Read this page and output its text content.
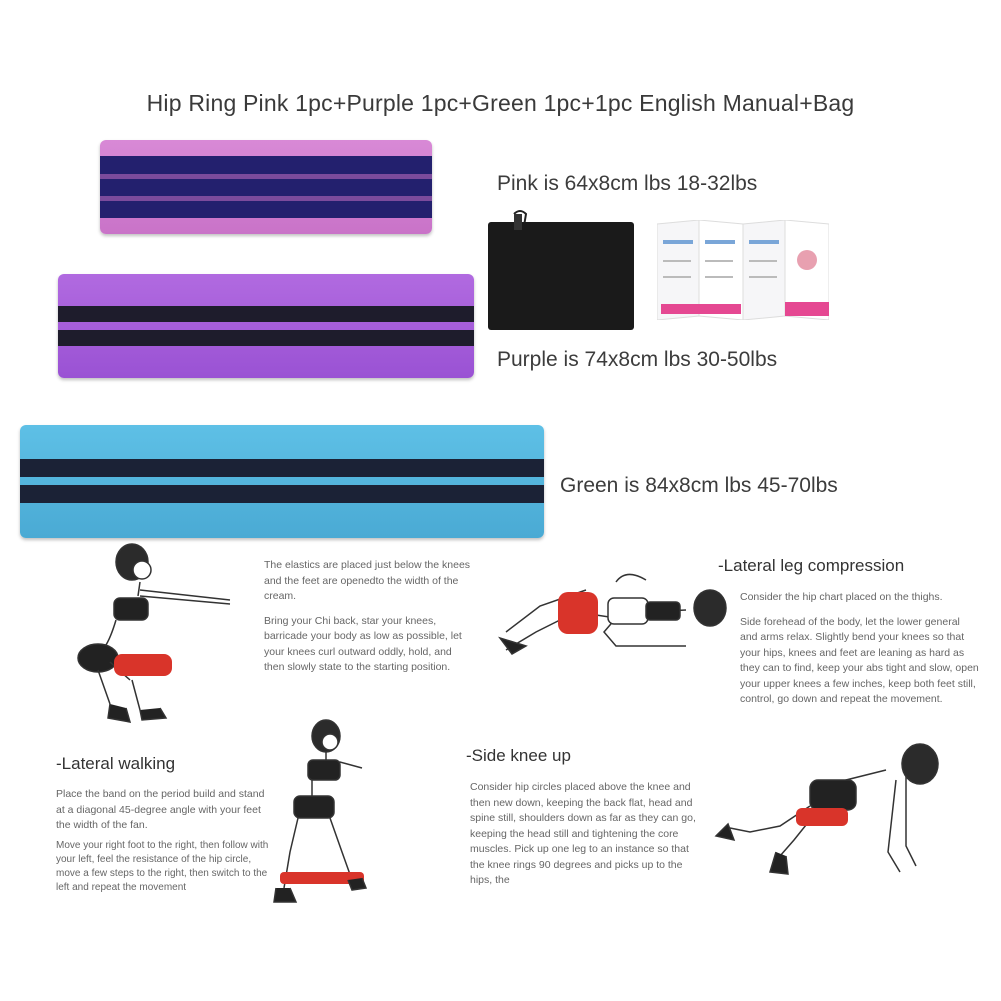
Hip Ring Pink 1pc+Purple 1pc+Green 1pc+1pc English Manual+Bag
Pink is 64x8cm lbs 18-32lbs
Purple is 74x8cm lbs 30-50lbs
Green is 84x8cm lbs 45-70lbs

The elastics are placed just below the knees and the feet are openedto the width of the cream.

Bring your Chi back, star your knees, barricade your body as low as possible, let your knees curl outward oddly, hold, and then slowly state to the starting position.

-Lateral leg compression

Consider the hip chart placed on the thighs.

Side forehead of the body, let the lower general and arms relax. Slightly bend your knees so that your hips, knees and feet are leaning as hard as they can to find, keep your abs tight and slow, open your upper knees a few inches, keep both feet still, control, go down and repeat the movement.

-Lateral walking

Place the band on the period build and stand at a diagonal 45-degree angle with your feet the width of the fan.

Move your right foot to the right, then follow with your left, feel the resistance of the hip circle, move a few steps to the right, then switch to the left and repeat the movement

-Side knee up

Consider hip circles placed above the knee and then new down, keeping the back flat, head and spine still, shoulders down as far as they can go, keeping the head still and tightening the core muscles. Pick up one leg to an instance so that the knee rings 90 degrees and picks up to the hips, the
